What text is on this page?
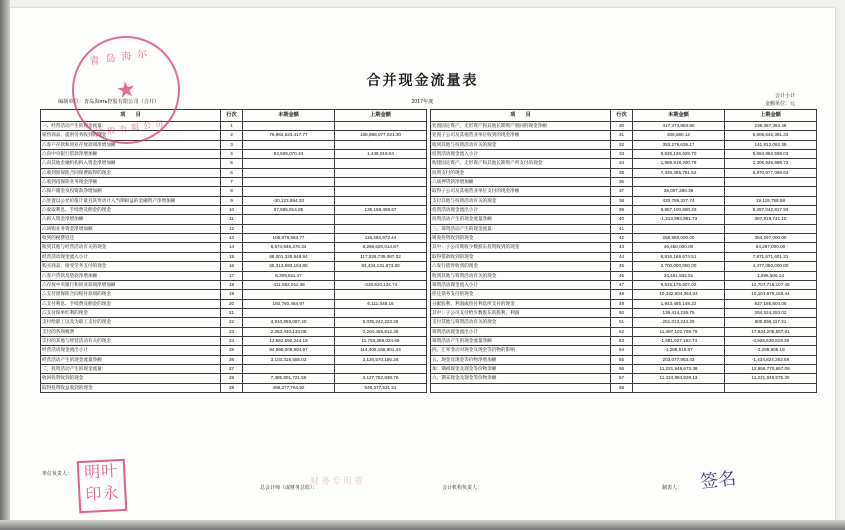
合并现金流量表
会计小计
金额单位：元
编制单位：青岛海ять控股有限公司（合并）	2017年度
项　　目	行次	本期金额	上期金额		项　　目	行次	本期金额	上期金额
一、经营活动产生的现金流量：	1				处置固定资产、无形资产和其他长期资产收回的现金净额	30	417,374,863.90	239,367,363.48
销售商品、提供劳务收到的现金	2	76,982,623,417.77	108,988,077,021.30		处置子公司及其他营业单位收到的现金净额	31	308,660.12	5,609,642,391.33
△客户存款和同业存放款项净增加额	3				收到其他与投资活动有关的现金	32	353,279,636.17	141,812,082.39
△向中央银行借款净增加额	4	82,509,070.44	1,448,019.04		投资活动现金流入小计	33	8,625,136,628.70	9,664,962,559.03
△向其他金融机构拆入资金净增加额	5				购建固定资产、无形资产和其他长期资产所支付的现金	34	1,959,918,200.78	2,306,945,999.72
△收到原保险合同保费取得的现金	6				投资支付的现金	35	7,438,385,791.52	6,970,977,059.63
△收到再保险业务现金净额	7				△质押贷款净增加额	36		
△保户储金及投资款净增加额	8				取得子公司及其他营业单位支付的现金净额	37	38,007,280.39	
△处置以公允价值计量且其变动计入当期损益的金融资产净增加额	9	-30,123,654.23			支付其他与投资活动有关的现金	38	420,789,327.74	19,119,758.58
△收取利息、手续费及佣金的现金	10	87,555,814.85	135,159,459.67		投资活动现金流出小计	39	9,857,100,600.43	9,297,042,817.93
△拆入资金净增加额	11				投资活动产生的现金流量净额	40	-1,213,963,981.73	367,919,741.10
△回购业务资金净增加额	12				三、筹资活动产生的现金流量：	41		
收到的税费返还	13	106,979,963.77	115,493,972.44		吸收投资收到的现金	42	266,550,000.00	354,297,000.00
收到其他与经营活动有关的现金	14	8,674,948,270.34	8,286,620,014.87		其中：子公司吸收少数股东投资收到的现金	43	46,450,000.00	54,297,000.00
经营活动现金流入小计	15	68,001,328,549.94	117,526,739,087.32		取得借款收到的现金	44	6,816,169,674.51	7,871,671,601.31
购买商品、接受劳务支付的现金	16	65,313,593,164.85	93,434,131,873.80		△发行债券收到的现金	45	2,700,000,000.00	4,477,050,000.00
△客户贷款及垫款净增加额	17	8,309,811.47			收到其他与筹资活动有关的现金	46	34,461,932.51	1,696,506.14
△存放中央银行和同业款项净增加额	18	-111,552,911.48	-318,610,134.74		筹资活动现金流入小计	47	9,815,175,607.02	12,707,715,107.45
△支付原保险合同赔付款项的现金	19				偿还债务支付的现金	48	10,332,604,354.34	10,101,575,150.44
△支付利息、手续费及佣金的现金	20	160,780,464.97	6,111,348.16		分配股利、利润或偿付利息所支付的现金	49	1,943,485,149.22	927,185,804.06
△支付保单红利的现金	21				其中：子公司支付给少数股东的股利、利润	50	139,414,226.75	264,524,253.02
支付给职工以及为职工支付的现金	22	4,910,869,087.40	5,035,242,223.28		支付其他与筹资活动有关的现金	51	251,013,244.20	605,556,117.31
支付的各项税费	23	2,253,440,133.08	2,204,455,812.35		筹资活动现金流出小计	52	11,497,102,769.76	17,634,205,567.81
支付的其他与经营活动有关的现金	24	12,562,692,244.18	11,753,289,024.69		筹资活动产生的现金流量净额	53	-1,681,927,162.74	-4,926,539,819.36
经营活动现金流出小计	25	84,898,009,994.97	114,406,168,901.44		四、汇率变动对现金及现金等价物的影响	54	-1,289,515.67	-3,289,605.19
经营活动产生的现金流量净额	26	3,103,318,555.03	3,120,570,186.28		五、现金及现金等价物净增加额	55	203,077,953.43	-1,434,824,282.69
二、投资活动产生的现金流量：	27				加：期初现金及现金等价物余额	56	11,221,946,673.38	12,656,770,957.09
收回投资收到的现金	28	7,385,801,721.59	3,127,762,839.79		六、期末现金及现金等价物余额	57	11,424,984,628.13	11,221,946,675.30
取得投资收益收到的现金	29	468,277,764.92	546,377,531.51			58		
单位负责人：
总会计师（或财务总监）：	会计机构负责人：	制表人：
青岛海尔
★
控股有限公司
明叶印永
签名
财务专用章
